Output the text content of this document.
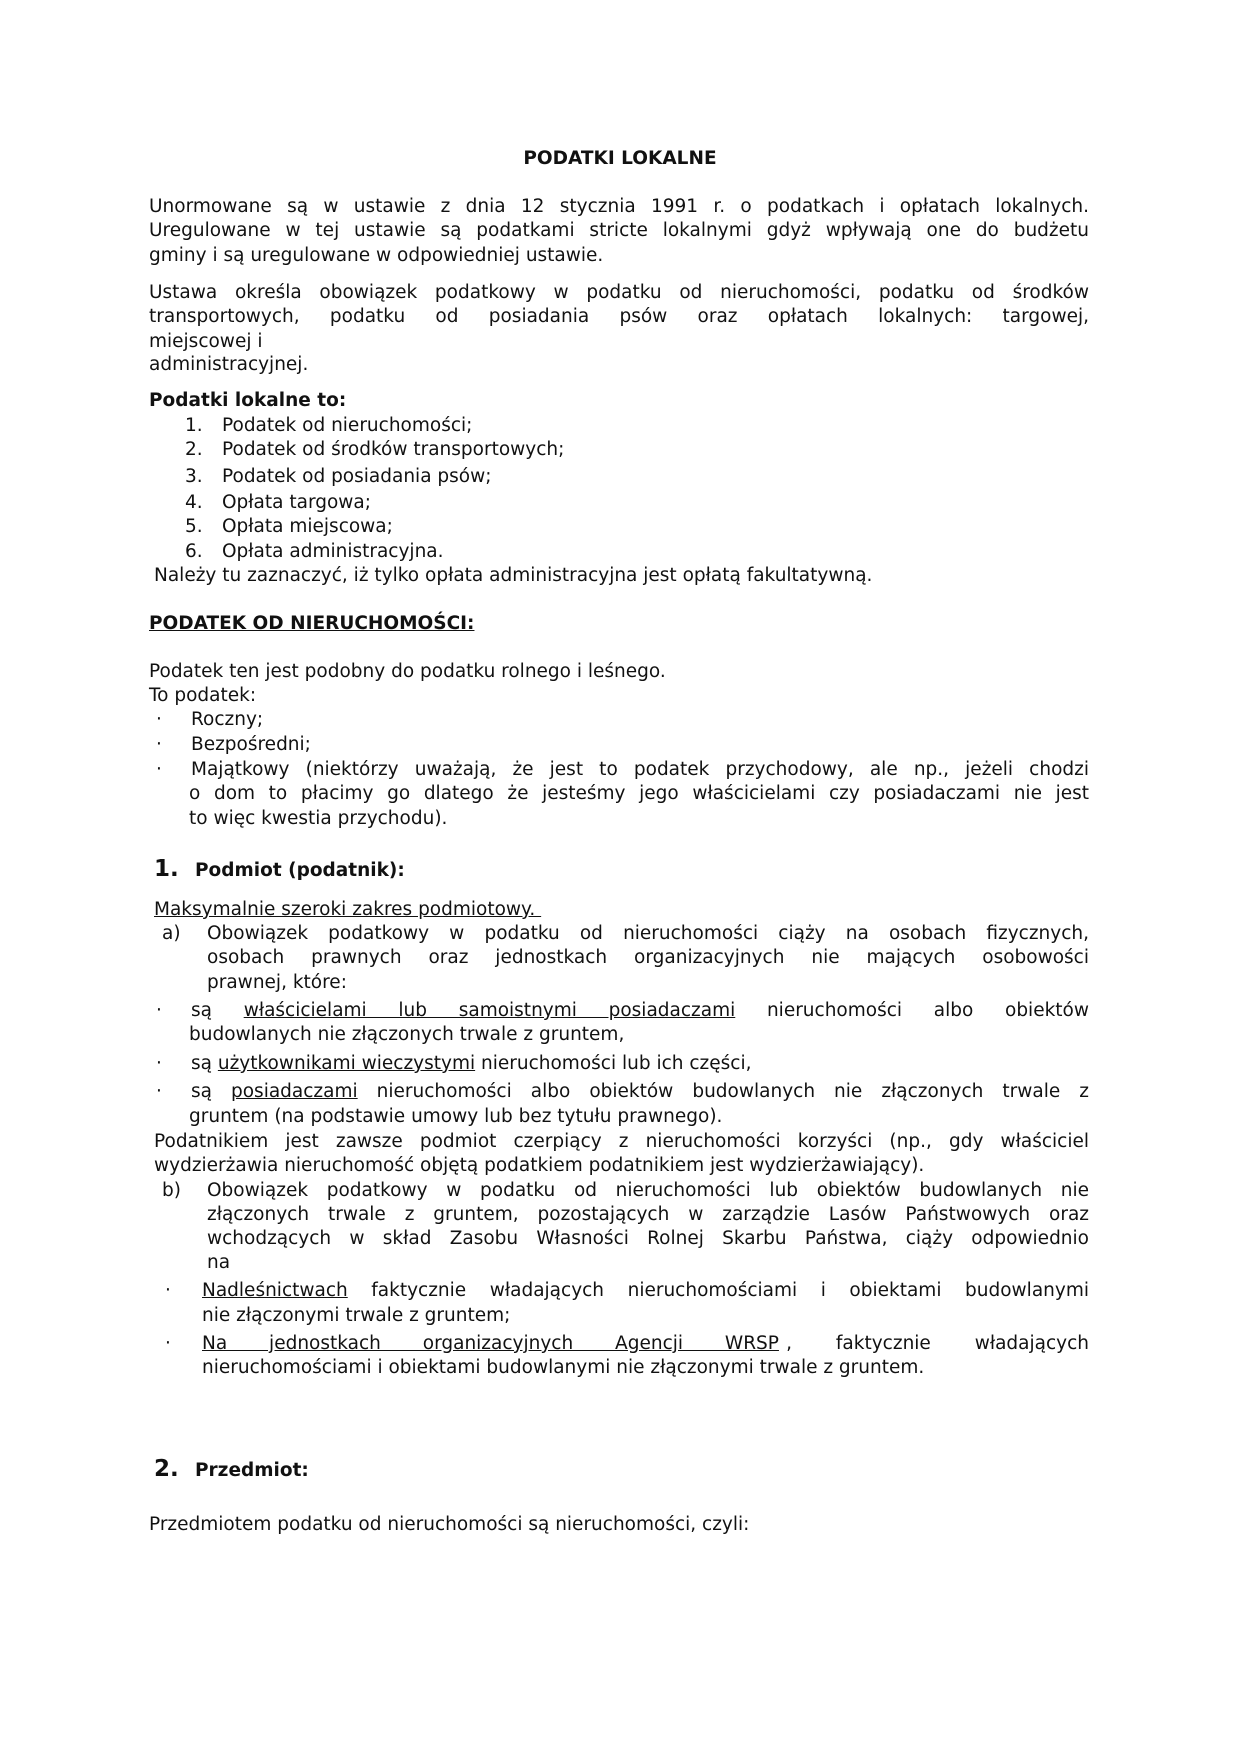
PODATKI LOKALNE
Unormowane są w ustawie z dnia 12 stycznia 1991 r. o podatkach i opłatach lokalnych.
Uregulowane w tej ustawie są podatkami stricte lokalnymi gdyż wpływają one do budżetu
gminy i są uregulowane w odpowiedniej ustawie.
Ustawa określa obowiązek podatkowy w podatku od nieruchomości, podatku od środków
transportowych, podatku od posiadania psów oraz opłatach lokalnych: targowej,
miejscowej i
administracyjnej.
Podatki lokalne to:
1. Podatek od nieruchomości;
2. Podatek od środków transportowych;
3. Podatek od posiadania psów;
4. Opłata targowa;
5. Opłata miejscowa;
6. Opłata administracyjna.
Należy tu zaznaczyć, iż tylko opłata administracyjna jest opłatą fakultatywną.
PODATEK OD NIERUCHOMOŚCI:
Podatek ten jest podobny do podatku rolnego i leśnego.
To podatek:
· Roczny;
· Bezpośredni;
· Majątkowy (niektórzy uważają, że jest to podatek przychodowy, ale np., jeżeli chodzi
o dom to płacimy go dlatego że jesteśmy jego właścicielami czy posiadaczami nie jest
to więc kwestia przychodu).
1. Podmiot (podatnik):
Maksymalnie szeroki zakres podmiotowy.
a) Obowiązek podatkowy w podatku od nieruchomości ciąży na osobach fizycznych,
osobach prawnych oraz jednostkach organizacyjnych nie mających osobowości
prawnej, które:
· są właścicielami lub samoistnymi posiadaczami nieruchomości albo obiektów
budowlanych nie złączonych trwale z gruntem,
· są użytkownikami wieczystymi nieruchomości lub ich części,
· są posiadaczami nieruchomości albo obiektów budowlanych nie złączonych trwale z
gruntem (na podstawie umowy lub bez tytułu prawnego).
Podatnikiem jest zawsze podmiot czerpiący z nieruchomości korzyści (np., gdy właściciel
wydzierżawia nieruchomość objętą podatkiem podatnikiem jest wydzierżawiający).
b) Obowiązek podatkowy w podatku od nieruchomości lub obiektów budowlanych nie
złączonych trwale z gruntem, pozostających w zarządzie Lasów Państwowych oraz
wchodzących w skład Zasobu Własności Rolnej Skarbu Państwa, ciąży odpowiednio
na
· Nadleśnictwach faktycznie władających nieruchomościami i obiektami budowlanymi
nie złączonymi trwale z gruntem;
· Na jednostkach organizacyjnych Agencji WRSP , faktycznie władających
nieruchomościami i obiektami budowlanymi nie złączonymi trwale z gruntem.
2. Przedmiot:
Przedmiotem podatku od nieruchomości są nieruchomości, czyli:
